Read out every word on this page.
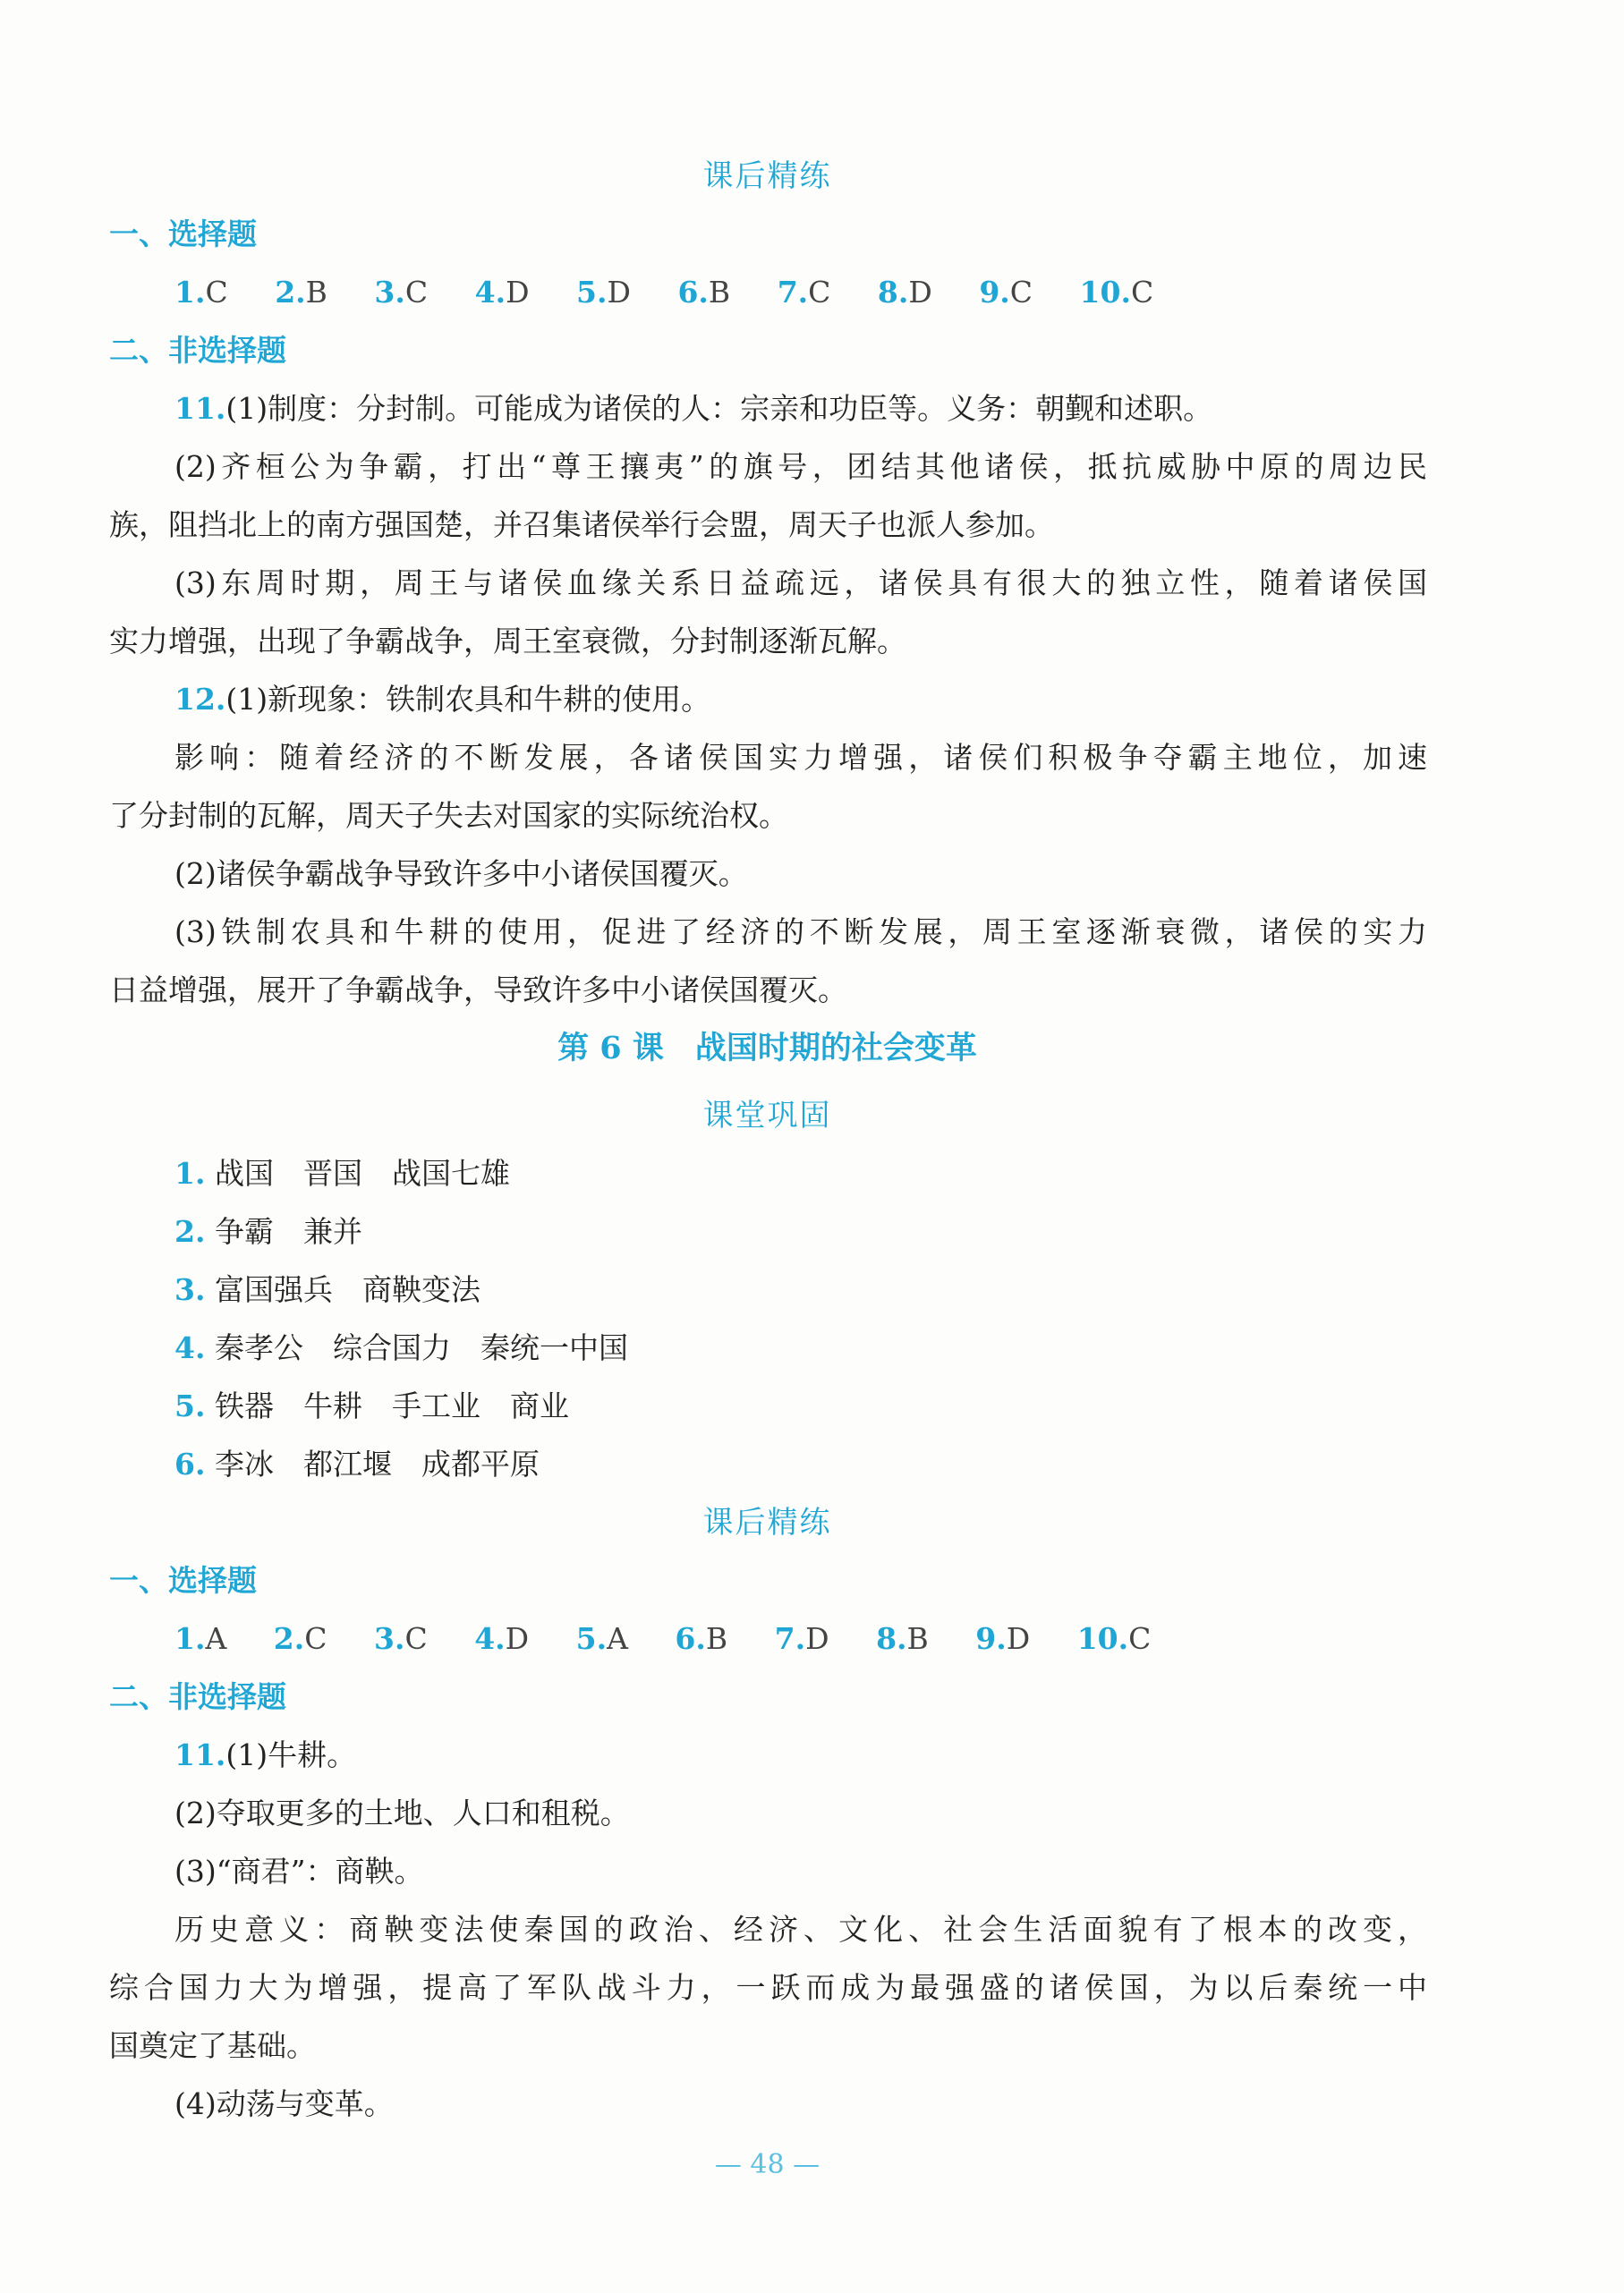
课后精练
一、选择题
1.C 2.B 3.C 4.D 5.D 6.B 7.C 8.D 9.C 10.C
二、非选择题
11.(1)制度：分封制。可能成为诸侯的人：宗亲和功臣等。义务：朝觐和述职。
(2)齐桓公为争霸，打出“尊王攘夷”的旗号，团结其他诸侯，抵抗威胁中原的周边民
族，阻挡北上的南方强国楚，并召集诸侯举行会盟，周天子也派人参加。
(3)东周时期，周王与诸侯血缘关系日益疏远，诸侯具有很大的独立性，随着诸侯国
实力增强，出现了争霸战争，周王室衰微，分封制逐渐瓦解。
12.(1)新现象：铁制农具和牛耕的使用。
影响：随着经济的不断发展，各诸侯国实力增强，诸侯们积极争夺霸主地位，加速
了分封制的瓦解，周天子失去对国家的实际统治权。
(2)诸侯争霸战争导致许多中小诸侯国覆灭。
(3)铁制农具和牛耕的使用，促进了经济的不断发展，周王室逐渐衰微，诸侯的实力
日益增强，展开了争霸战争，导致许多中小诸侯国覆灭。
第 6 课　战国时期的社会变革
课堂巩固
1. 战国　晋国　战国七雄
2. 争霸　兼并
3. 富国强兵　商鞅变法
4. 秦孝公　综合国力　秦统一中国
5. 铁器　牛耕　手工业　商业
6. 李冰　都江堰　成都平原
课后精练
一、选择题
1.A 2.C 3.C 4.D 5.A 6.B 7.D 8.B 9.D 10.C
二、非选择题
11.(1)牛耕。
(2)夺取更多的土地、人口和租税。
(3)“商君”：商鞅。
历史意义：商鞅变法使秦国的政治、经济、文化、社会生活面貌有了根本的改变，
综合国力大为增强，提高了军队战斗力，一跃而成为最强盛的诸侯国，为以后秦统一中
国奠定了基础。
(4)动荡与变革。
— 48 —
